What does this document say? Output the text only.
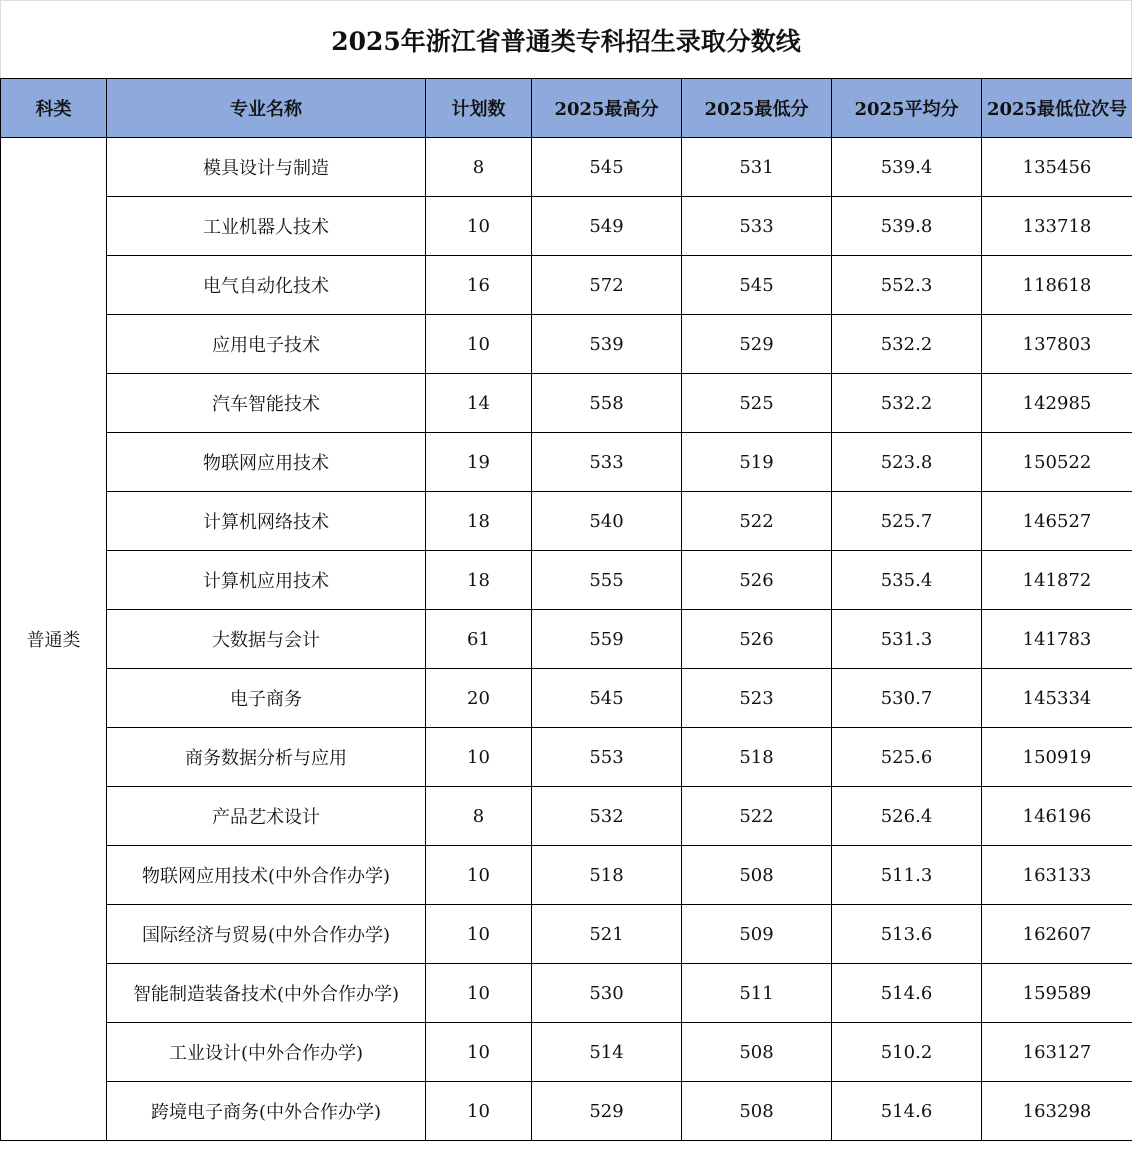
2025年浙江省普通类专科招生录取分数线
科类	专业名称	计划数	2025最高分	2025最低分	2025平均分	2025最低位次号
普通类	模具设计与制造	8	545	531	539.4	135456
	工业机器人技术	10	549	533	539.8	133718
	电气自动化技术	16	572	545	552.3	118618
	应用电子技术	10	539	529	532.2	137803
	汽车智能技术	14	558	525	532.2	142985
	物联网应用技术	19	533	519	523.8	150522
	计算机网络技术	18	540	522	525.7	146527
	计算机应用技术	18	555	526	535.4	141872
	大数据与会计	61	559	526	531.3	141783
	电子商务	20	545	523	530.7	145334
	商务数据分析与应用	10	553	518	525.6	150919
	产品艺术设计	8	532	522	526.4	146196
	物联网应用技术(中外合作办学)	10	518	508	511.3	163133
	国际经济与贸易(中外合作办学)	10	521	509	513.6	162607
	智能制造装备技术(中外合作办学)	10	530	511	514.6	159589
	工业设计(中外合作办学)	10	514	508	510.2	163127
	跨境电子商务(中外合作办学)	10	529	508	514.6	163298
